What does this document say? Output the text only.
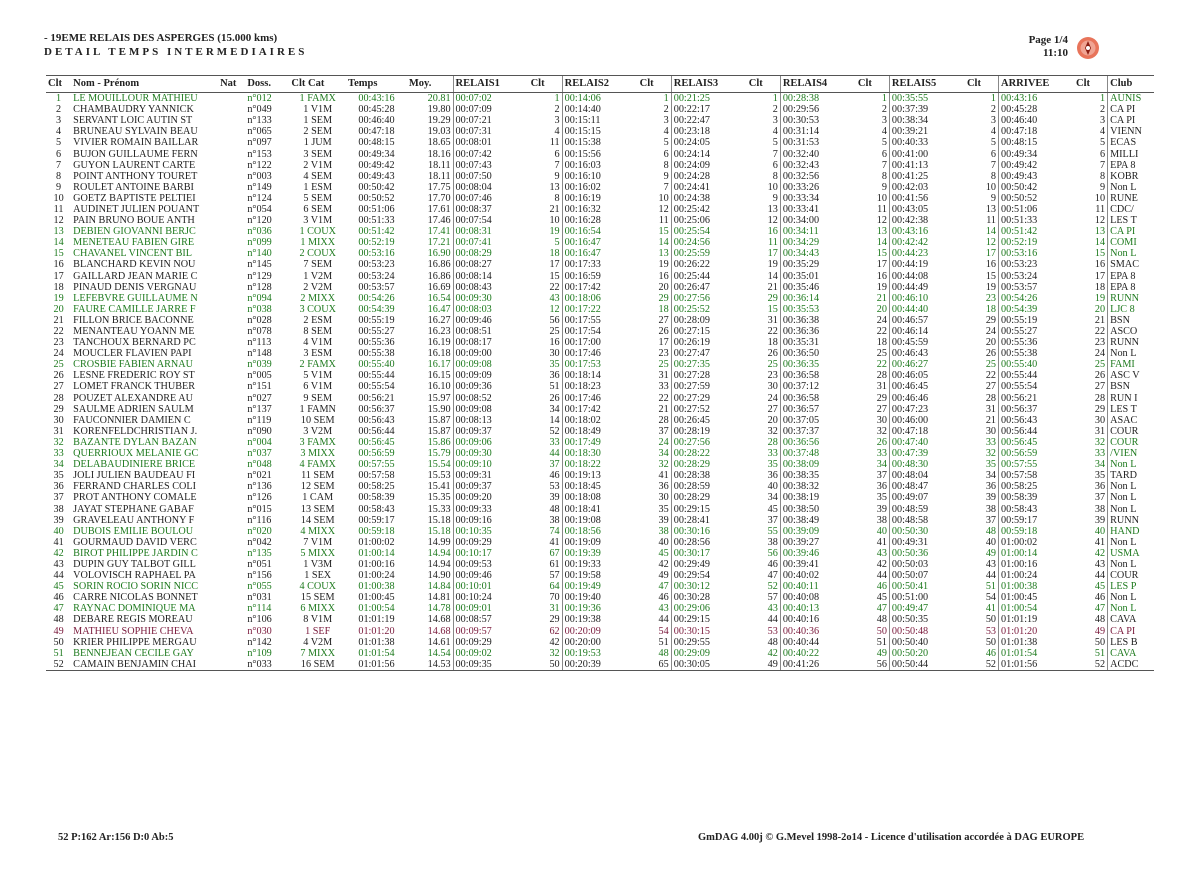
- 19EME RELAIS DES ASPERGES (15.000 kms)
DETAIL TEMPS INTERMEDIAIRES
Page 1/4
11:10
Clt	Nom - Prénom	Nat	Doss.	Clt Cat	Temps	Moy.	RELAIS1	Clt	RELAIS2	Clt	RELAIS3	Clt	RELAIS4	Clt	RELAIS5	Clt	ARRIVEE	Clt	Club
1	LE MOUILLOUR MATHIEU		n°012	1 FAMX	00:43:16	20.81	00:07:02	1	00:14:06	1	00:21:25	1	00:28:38	1	00:35:55	1	00:43:16	1	AUNIS
2	CHAMBAUDRY YANNICK		n°049	1 V1M	00:45:28	19.80	00:07:09	2	00:14:40	2	00:22:17	2	00:29:56	2	00:37:39	2	00:45:28	2	CA PI
3	SERVANT LOIC AUTIN ST		n°133	1 SEM	00:46:40	19.29	00:07:21	3	00:15:11	3	00:22:47	3	00:30:53	3	00:38:34	3	00:46:40	3	CA PI
4	BRUNEAU SYLVAIN BEAU		n°065	2 SEM	00:47:18	19.03	00:07:31	4	00:15:15	4	00:23:18	4	00:31:14	4	00:39:21	4	00:47:18	4	VIENN
5	VIVIER ROMAIN BAILLAR		n°097	1 JUM	00:48:15	18.65	00:08:01	11	00:15:38	5	00:24:05	5	00:31:53	5	00:40:33	5	00:48:15	5	ECAS
6	BUJON GUILLAUME FERN		n°153	3 SEM	00:49:34	18.16	00:07:42	6	00:15:56	6	00:24:14	7	00:32:40	6	00:41:00	6	00:49:34	6	MILLI
7	GUYON LAURENT CARTE		n°122	2 V1M	00:49:42	18.11	00:07:43	7	00:16:03	8	00:24:09	6	00:32:43	7	00:41:13	7	00:49:42	7	EPA 8
8	POINT ANTHONY TOURET		n°003	4 SEM	00:49:43	18.11	00:07:50	9	00:16:10	9	00:24:28	8	00:32:56	8	00:41:25	8	00:49:43	8	KOBR
9	ROULET ANTOINE BARBI		n°149	1 ESM	00:50:42	17.75	00:08:04	13	00:16:02	7	00:24:41	10	00:33:26	9	00:42:03	10	00:50:42	9	Non L
10	GOETZ BAPTISTE PELTIEI		n°124	5 SEM	00:50:52	17.70	00:07:46	8	00:16:19	10	00:24:38	9	00:33:34	10	00:41:56	9	00:50:52	10	RUNE
11	AUDINET JULIEN POUANT		n°054	6 SEM	00:51:06	17.61	00:08:37	21	00:16:32	12	00:25:42	13	00:33:41	11	00:43:05	13	00:51:06	11	CDC/
12	PAIN BRUNO BOUE ANTH		n°120	3 V1M	00:51:33	17.46	00:07:54	10	00:16:28	11	00:25:06	12	00:34:00	12	00:42:38	11	00:51:33	12	LES T
13	DEBIEN GIOVANNI BERJC		n°036	1 COUX	00:51:42	17.41	00:08:31	19	00:16:54	15	00:25:54	16	00:34:11	13	00:43:16	14	00:51:42	13	CA PI
14	MENETEAU FABIEN GIRE		n°099	1 MIXX	00:52:19	17.21	00:07:41	5	00:16:47	14	00:24:56	11	00:34:29	14	00:42:42	12	00:52:19	14	COMI
15	CHAVANEL VINCENT BIL		n°140	2 COUX	00:53:16	16.90	00:08:29	18	00:16:47	13	00:25:59	17	00:34:43	15	00:44:23	17	00:53:16	15	Non L
16	BLANCHARD KEVIN NOU		n°145	7 SEM	00:53:23	16.86	00:08:27	17	00:17:33	19	00:26:22	19	00:35:29	17	00:44:19	16	00:53:23	16	SMAC
17	GAILLARD JEAN MARIE C		n°129	1 V2M	00:53:24	16.86	00:08:14	15	00:16:59	16	00:25:44	14	00:35:01	16	00:44:08	15	00:53:24	17	EPA 8
18	PINAUD DENIS VERGNAU		n°128	2 V2M	00:53:57	16.69	00:08:43	22	00:17:42	20	00:26:47	21	00:35:46	19	00:44:49	19	00:53:57	18	EPA 8
19	LEFEBVRE GUILLAUME N		n°094	2 MIXX	00:54:26	16.54	00:09:30	43	00:18:06	29	00:27:56	29	00:36:14	21	00:46:10	23	00:54:26	19	RUNN
20	FAURE CAMILLE JARRE F		n°038	3 COUX	00:54:39	16.47	00:08:03	12	00:17:22	18	00:25:52	15	00:35:53	20	00:44:40	18	00:54:39	20	LJC 8
21	FILLON BRICE BACONNE		n°028	2 ESM	00:55:19	16.27	00:09:46	56	00:17:55	27	00:28:09	31	00:36:38	24	00:46:57	29	00:55:19	21	BSN
22	MENANTEAU YOANN ME		n°078	8 SEM	00:55:27	16.23	00:08:51	25	00:17:54	26	00:27:15	22	00:36:36	22	00:46:14	24	00:55:27	22	ASCO
23	TANCHOUX BERNARD PC		n°113	4 V1M	00:55:36	16.19	00:08:17	16	00:17:00	17	00:26:19	18	00:35:31	18	00:45:59	20	00:55:36	23	RUNN
24	MOUCLER FLAVIEN PAPI		n°148	3 ESM	00:55:38	16.18	00:09:00	30	00:17:46	23	00:27:47	26	00:36:50	25	00:46:43	26	00:55:38	24	Non L
25	CROSBIE FABIEN ARNAU		n°039	2 FAMX	00:55:40	16.17	00:09:08	35	00:17:53	25	00:27:35	25	00:36:35	22	00:46:27	25	00:55:40	25	FAMI
26	LESNE FREDERIC ROY ST		n°005	5 V1M	00:55:44	16.15	00:09:09	36	00:18:14	31	00:27:28	23	00:36:58	28	00:46:05	22	00:55:44	26	ASC V
27	LOMET FRANCK THUBER		n°151	6 V1M	00:55:54	16.10	00:09:36	51	00:18:23	33	00:27:59	30	00:37:12	31	00:46:45	27	00:55:54	27	BSN
28	POUZET ALEXANDRE AU		n°027	9 SEM	00:56:21	15.97	00:08:52	26	00:17:46	22	00:27:29	24	00:36:58	29	00:46:46	28	00:56:21	28	RUN I
29	SAULME ADRIEN SAULM		n°137	1 FAMN	00:56:37	15.90	00:09:08	34	00:17:42	21	00:27:52	27	00:36:57	27	00:47:23	31	00:56:37	29	LES T
30	FAUCONNIER DAMIEN C		n°119	10 SEM	00:56:43	15.87	00:08:13	14	00:18:02	28	00:26:45	20	00:37:05	30	00:46:00	21	00:56:43	30	ASAC
31	KORENFELDCHRISTIAN J.		n°090	3 V2M	00:56:44	15.87	00:09:37	52	00:18:49	37	00:28:19	32	00:37:37	32	00:47:18	30	00:56:44	31	COUR
32	BAZANTE DYLAN BAZAN		n°004	3 FAMX	00:56:45	15.86	00:09:06	33	00:17:49	24	00:27:56	28	00:36:56	26	00:47:40	33	00:56:45	32	COUR
33	QUERRIOUX MELANIE GC		n°037	3 MIXX	00:56:59	15.79	00:09:30	44	00:18:30	34	00:28:22	33	00:37:48	33	00:47:39	32	00:56:59	33	/VIEN
34	DELABAUDINIERE BRICE		n°048	4 FAMX	00:57:55	15.54	00:09:10	37	00:18:22	32	00:28:29	35	00:38:09	34	00:48:30	35	00:57:55	34	Non L
35	JOLI JULIEN BAUDEAU FI		n°021	11 SEM	00:57:58	15.53	00:09:31	46	00:19:13	41	00:28:38	36	00:38:35	37	00:48:04	34	00:57:58	35	TARD
36	FERRAND CHARLES COLI		n°136	12 SEM	00:58:25	15.41	00:09:37	53	00:18:45	36	00:28:59	40	00:38:32	36	00:48:47	36	00:58:25	36	Non L
37	PROT ANTHONY COMALE		n°126	1 CAM	00:58:39	15.35	00:09:20	39	00:18:08	30	00:28:29	34	00:38:19	35	00:49:07	39	00:58:39	37	Non L
38	JAYAT STEPHANE GABAF		n°015	13 SEM	00:58:43	15.33	00:09:33	48	00:18:41	35	00:29:15	45	00:38:50	39	00:48:59	38	00:58:43	38	Non L
39	GRAVELEAU ANTHONY F		n°116	14 SEM	00:59:17	15.18	00:09:16	38	00:19:08	39	00:28:41	37	00:38:49	38	00:48:58	37	00:59:17	39	RUNN
40	DUBOIS EMILIE BOULOU		n°020	4 MIXX	00:59:18	15.18	00:10:35	74	00:18:56	38	00:30:16	55	00:39:09	40	00:50:30	48	00:59:18	40	HAND
41	GOURMAUD DAVID VERC		n°042	7 V1M	01:00:02	14.99	00:09:29	41	00:19:09	40	00:28:56	38	00:39:27	41	00:49:31	40	01:00:02	41	Non L
42	BIROT PHILIPPE JARDIN C		n°135	5 MIXX	01:00:14	14.94	00:10:17	67	00:19:39	45	00:30:17	56	00:39:46	43	00:50:36	49	01:00:14	42	USMA
43	DUPIN GUY TALBOT GILL		n°051	1 V3M	01:00:16	14.94	00:09:53	61	00:19:33	42	00:29:49	46	00:39:41	42	00:50:03	43	01:00:16	43	Non L
44	VOLOVISCH RAPHAEL PA		n°156	1 SEX	01:00:24	14.90	00:09:46	57	00:19:58	49	00:29:54	47	00:40:02	44	00:50:07	44	01:00:24	44	COUR
45	SORIN ROCIO SORIN NICC		n°055	4 COUX	01:00:38	14.84	00:10:01	64	00:19:49	47	00:30:12	52	00:40:11	46	00:50:41	51	01:00:38	45	LES P
46	CARRE NICOLAS BONNET		n°031	15 SEM	01:00:45	14.81	00:10:24	70	00:19:40	46	00:30:28	57	00:40:08	45	00:51:00	54	01:00:45	46	Non L
47	RAYNAC DOMINIQUE MA		n°114	6 MIXX	01:00:54	14.78	00:09:01	31	00:19:36	43	00:29:06	43	00:40:13	47	00:49:47	41	01:00:54	47	Non L
48	DEBARE REGIS MOREAU		n°106	8 V1M	01:01:19	14.68	00:08:57	29	00:19:38	44	00:29:15	44	00:40:16	48	00:50:35	50	01:01:19	48	CAVA
49	MATHIEU SOPHIE CHEVA		n°030	1 SEF	01:01:20	14.68	00:09:57	62	00:20:09	54	00:30:15	53	00:40:36	50	00:50:48	53	01:01:20	49	CA PI
50	KRIER PHILIPPE MERGAU		n°142	4 V2M	01:01:38	14.61	00:09:29	42	00:20:00	51	00:29:55	48	00:40:44	51	00:50:40	50	01:01:38	50	LES B
51	BENNEJEAN CECILE GAY		n°109	7 MIXX	01:01:54	14.54	00:09:02	32	00:19:53	48	00:29:09	42	00:40:22	49	00:50:20	46	01:01:54	51	CAVA
52	CAMAIN BENJAMIN CHAI		n°033	16 SEM	01:01:56	14.53	00:09:35	50	00:20:39	65	00:30:05	49	00:41:26	56	00:50:44	52	01:01:56	52	ACDC
52 P:162 Ar:156 D:0 Ab:5	GmDAG 4.00j © G.Mevel 1998-2o14 - Licence d'utilisation accordée à DAG EUROPE
